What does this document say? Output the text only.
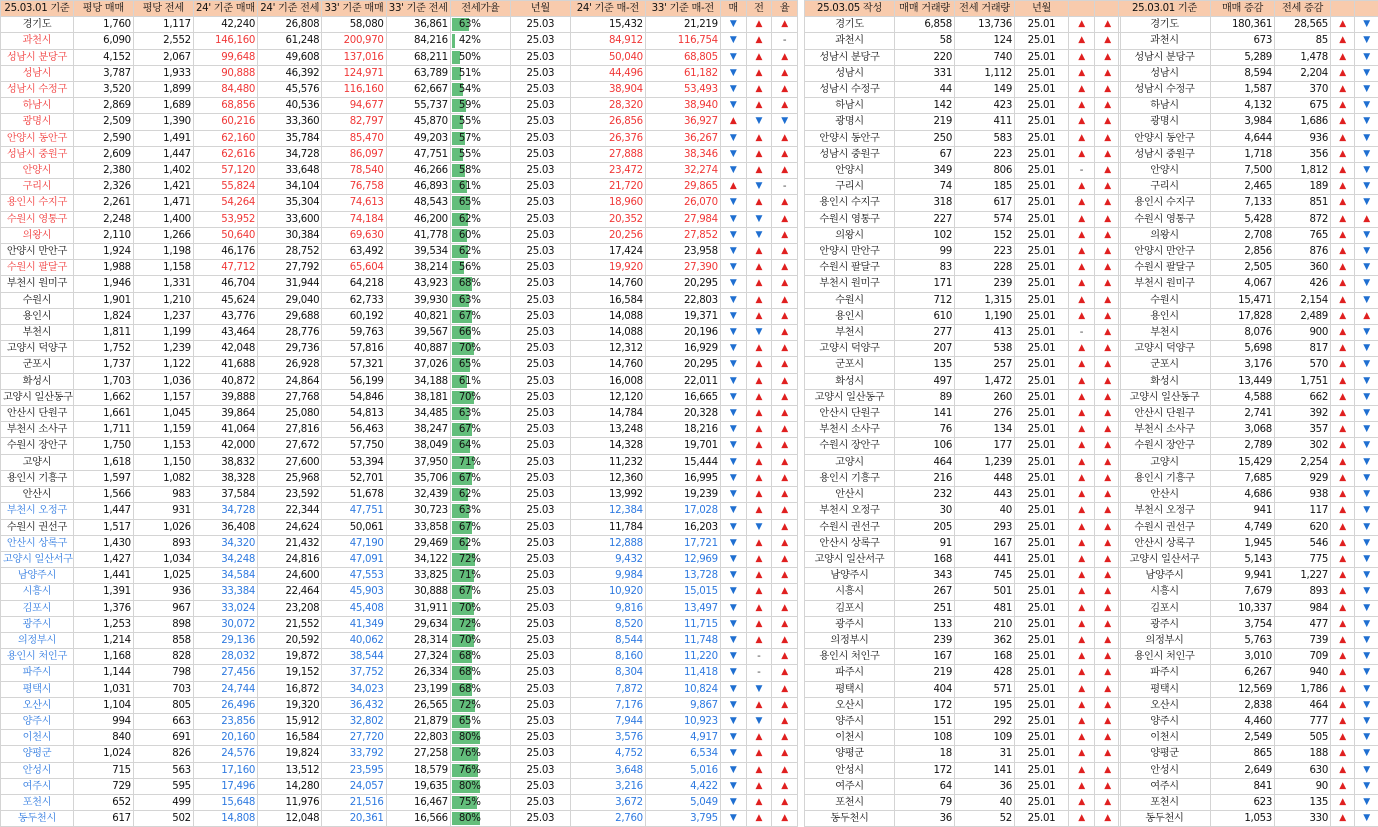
25.03.01 기준	평당 매매	평당 전세	24' 기준 매매	24' 기준 전세	33' 기준 매매	33' 기준 전세	전세가율	년월	24' 기준 매-전	33' 기준 매-전	매	전	율
경기도	1,760	1,117	42,240	26,808	58,080	36,861	63%	25.03	15,432	21,219	▼	▲	▲
과천시	6,090	2,552	146,160	61,248	200,970	84,216	42%	25.03	84,912	116,754	▼	▲	-
성남시 분당구	4,152	2,067	99,648	49,608	137,016	68,211	50%	25.03	50,040	68,805	▼	▲	▲
성남시	3,787	1,933	90,888	46,392	124,971	63,789	51%	25.03	44,496	61,182	▼	▲	▲
성남시 수정구	3,520	1,899	84,480	45,576	116,160	62,667	54%	25.03	38,904	53,493	▼	▲	▲
하남시	2,869	1,689	68,856	40,536	94,677	55,737	59%	25.03	28,320	38,940	▼	▲	▲
광명시	2,509	1,390	60,216	33,360	82,797	45,870	55%	25.03	26,856	36,927	▲	▼	▼
안양시 동안구	2,590	1,491	62,160	35,784	85,470	49,203	57%	25.03	26,376	36,267	▼	▲	▲
성남시 중원구	2,609	1,447	62,616	34,728	86,097	47,751	55%	25.03	27,888	38,346	▼	▲	▲
안양시	2,380	1,402	57,120	33,648	78,540	46,266	58%	25.03	23,472	32,274	▼	▲	▲
구리시	2,326	1,421	55,824	34,104	76,758	46,893	61%	25.03	21,720	29,865	▲	▼	-
용인시 수지구	2,261	1,471	54,264	35,304	74,613	48,543	65%	25.03	18,960	26,070	▼	▲	▲
수원시 영통구	2,248	1,400	53,952	33,600	74,184	46,200	62%	25.03	20,352	27,984	▼	▼	▲
의왕시	2,110	1,266	50,640	30,384	69,630	41,778	60%	25.03	20,256	27,852	▼	▼	▲
안양시 만안구	1,924	1,198	46,176	28,752	63,492	39,534	62%	25.03	17,424	23,958	▼	▲	▲
수원시 팔달구	1,988	1,158	47,712	27,792	65,604	38,214	56%	25.03	19,920	27,390	▼	▲	▲
부천시 원미구	1,946	1,331	46,704	31,944	64,218	43,923	68%	25.03	14,760	20,295	▼	▲	▲
수원시	1,901	1,210	45,624	29,040	62,733	39,930	63%	25.03	16,584	22,803	▼	▲	▲
용인시	1,824	1,237	43,776	29,688	60,192	40,821	67%	25.03	14,088	19,371	▼	▲	▲
부천시	1,811	1,199	43,464	28,776	59,763	39,567	66%	25.03	14,088	20,196	▼	▼	▲
고양시 덕양구	1,752	1,239	42,048	29,736	57,816	40,887	70%	25.03	12,312	16,929	▼	▲	▲
군포시	1,737	1,122	41,688	26,928	57,321	37,026	65%	25.03	14,760	20,295	▼	▲	▲
화성시	1,703	1,036	40,872	24,864	56,199	34,188	61%	25.03	16,008	22,011	▼	▲	▲
고양시 일산동구	1,662	1,157	39,888	27,768	54,846	38,181	70%	25.03	12,120	16,665	▼	▲	▲
안산시 단원구	1,661	1,045	39,864	25,080	54,813	34,485	63%	25.03	14,784	20,328	▼	▲	▲
부천시 소사구	1,711	1,159	41,064	27,816	56,463	38,247	67%	25.03	13,248	18,216	▼	▲	▲
수원시 장안구	1,750	1,153	42,000	27,672	57,750	38,049	64%	25.03	14,328	19,701	▼	▲	▲
고양시	1,618	1,150	38,832	27,600	53,394	37,950	71%	25.03	11,232	15,444	▼	▲	▲
용인시 기흥구	1,597	1,082	38,328	25,968	52,701	35,706	67%	25.03	12,360	16,995	▼	▲	▲
안산시	1,566	983	37,584	23,592	51,678	32,439	62%	25.03	13,992	19,239	▼	▲	▲
부천시 오정구	1,447	931	34,728	22,344	47,751	30,723	63%	25.03	12,384	17,028	▼	▲	▲
수원시 권선구	1,517	1,026	36,408	24,624	50,061	33,858	67%	25.03	11,784	16,203	▼	▼	▲
안산시 상록구	1,430	893	34,320	21,432	47,190	29,469	62%	25.03	12,888	17,721	▼	▲	▲
고양시 일산서구	1,427	1,034	34,248	24,816	47,091	34,122	72%	25.03	9,432	12,969	▼	▲	▲
남양주시	1,441	1,025	34,584	24,600	47,553	33,825	71%	25.03	9,984	13,728	▼	▲	▲
시흥시	1,391	936	33,384	22,464	45,903	30,888	67%	25.03	10,920	15,015	▼	▲	▲
김포시	1,376	967	33,024	23,208	45,408	31,911	70%	25.03	9,816	13,497	▼	▲	▲
광주시	1,253	898	30,072	21,552	41,349	29,634	72%	25.03	8,520	11,715	▼	▲	▲
의정부시	1,214	858	29,136	20,592	40,062	28,314	70%	25.03	8,544	11,748	▼	▲	▲
용인시 처인구	1,168	828	28,032	19,872	38,544	27,324	68%	25.03	8,160	11,220	▼	-	▲
파주시	1,144	798	27,456	19,152	37,752	26,334	68%	25.03	8,304	11,418	▼	-	▲
평택시	1,031	703	24,744	16,872	34,023	23,199	68%	25.03	7,872	10,824	▼	▼	▲
오산시	1,104	805	26,496	19,320	36,432	26,565	72%	25.03	7,176	9,867	▼	▲	▲
양주시	994	663	23,856	15,912	32,802	21,879	65%	25.03	7,944	10,923	▼	▼	▲
이천시	840	691	20,160	16,584	27,720	22,803	80%	25.03	3,576	4,917	▼	▲	▲
양평군	1,024	826	24,576	19,824	33,792	27,258	76%	25.03	4,752	6,534	▼	▲	▲
안성시	715	563	17,160	13,512	23,595	18,579	76%	25.03	3,648	5,016	▼	▲	▲
여주시	729	595	17,496	14,280	24,057	19,635	80%	25.03	3,216	4,422	▼	▲	▲
포천시	652	499	15,648	11,976	21,516	16,467	75%	25.03	3,672	5,049	▼	▲	▲
동두천시	617	502	14,808	12,048	20,361	16,566	80%	25.03	2,760	3,795	▼	▲	▲
25.03.05 작성	매매 거래량	전세 거래량	년월		
경기도	6,858	13,736	25.01	▲	▲
과천시	58	124	25.01	▲	▲
성남시 분당구	220	740	25.01	▲	▲
성남시	331	1,112	25.01	▲	▲
성남시 수정구	44	149	25.01	▲	▲
하남시	142	423	25.01	▲	▲
광명시	219	411	25.01	▲	▲
안양시 동안구	250	583	25.01	▲	▲
성남시 중원구	67	223	25.01	▲	▲
안양시	349	806	25.01	-	▲
구리시	74	185	25.01	▲	▲
용인시 수지구	318	617	25.01	▲	▲
수원시 영통구	227	574	25.01	▲	▲
의왕시	102	152	25.01	▲	▲
안양시 만안구	99	223	25.01	▲	▲
수원시 팔달구	83	228	25.01	▲	▲
부천시 원미구	171	239	25.01	▲	▲
수원시	712	1,315	25.01	▲	▲
용인시	610	1,190	25.01	▲	▲
부천시	277	413	25.01	-	▲
고양시 덕양구	207	538	25.01	▲	▲
군포시	135	257	25.01	▲	▲
화성시	497	1,472	25.01	▲	▲
고양시 일산동구	89	260	25.01	▲	▲
안산시 단원구	141	276	25.01	▲	▲
부천시 소사구	76	134	25.01	▲	▲
수원시 장안구	106	177	25.01	▲	▲
고양시	464	1,239	25.01	▲	▲
용인시 기흥구	216	448	25.01	▲	▲
안산시	232	443	25.01	▲	▲
부천시 오정구	30	40	25.01	▲	▲
수원시 권선구	205	293	25.01	▲	▲
안산시 상록구	91	167	25.01	▲	▲
고양시 일산서구	168	441	25.01	▲	▲
남양주시	343	745	25.01	▲	▲
시흥시	267	501	25.01	▲	▲
김포시	251	481	25.01	▲	▲
광주시	133	210	25.01	▲	▲
의정부시	239	362	25.01	▲	▲
용인시 처인구	167	168	25.01	▲	▲
파주시	219	428	25.01	▲	▲
평택시	404	571	25.01	▲	▲
오산시	172	195	25.01	▲	▲
양주시	151	292	25.01	▲	▲
이천시	108	109	25.01	▲	▲
양평군	18	31	25.01	▲	▲
안성시	172	141	25.01	▲	▲
여주시	64	36	25.01	▲	▲
포천시	79	40	25.01	▲	▲
동두천시	36	52	25.01	▲	▲
25.03.01 기준	매매 증감	전세 증감		
경기도	180,361	28,565	▲	▼
과천시	673	85	▲	▼
성남시 분당구	5,289	1,478	▲	▼
성남시	8,594	2,204	▲	▼
성남시 수정구	1,587	370	▲	▼
하남시	4,132	675	▲	▼
광명시	3,984	1,686	▲	▼
안양시 동안구	4,644	936	▲	▼
성남시 중원구	1,718	356	▲	▼
안양시	7,500	1,812	▲	▼
구리시	2,465	189	▲	▼
용인시 수지구	7,133	851	▲	▼
수원시 영통구	5,428	872	▲	▲
의왕시	2,708	765	▲	▼
안양시 만안구	2,856	876	▲	▼
수원시 팔달구	2,505	360	▲	▼
부천시 원미구	4,067	426	▲	▼
수원시	15,471	2,154	▲	▼
용인시	17,828	2,489	▲	▲
부천시	8,076	900	▲	▼
고양시 덕양구	5,698	817	▲	▼
군포시	3,176	570	▲	▼
화성시	13,449	1,751	▲	▼
고양시 일산동구	4,588	662	▲	▼
안산시 단원구	2,741	392	▲	▼
부천시 소사구	3,068	357	▲	▼
수원시 장안구	2,789	302	▲	▼
고양시	15,429	2,254	▲	▼
용인시 기흥구	7,685	929	▲	▼
안산시	4,686	938	▲	▼
부천시 오정구	941	117	▲	▼
수원시 권선구	4,749	620	▲	▼
안산시 상록구	1,945	546	▲	▼
고양시 일산서구	5,143	775	▲	▼
남양주시	9,941	1,227	▲	▼
시흥시	7,679	893	▲	▼
김포시	10,337	984	▲	▼
광주시	3,754	477	▲	▼
의정부시	5,763	739	▲	▼
용인시 처인구	3,010	709	▲	▼
파주시	6,267	940	▲	▼
평택시	12,569	1,786	▲	▼
오산시	2,838	464	▲	▼
양주시	4,460	777	▲	▼
이천시	2,549	505	▲	▼
양평군	865	188	▲	▼
안성시	2,649	630	▲	▼
여주시	841	90	▲	▼
포천시	623	135	▲	▼
동두천시	1,053	330	▲	▼
